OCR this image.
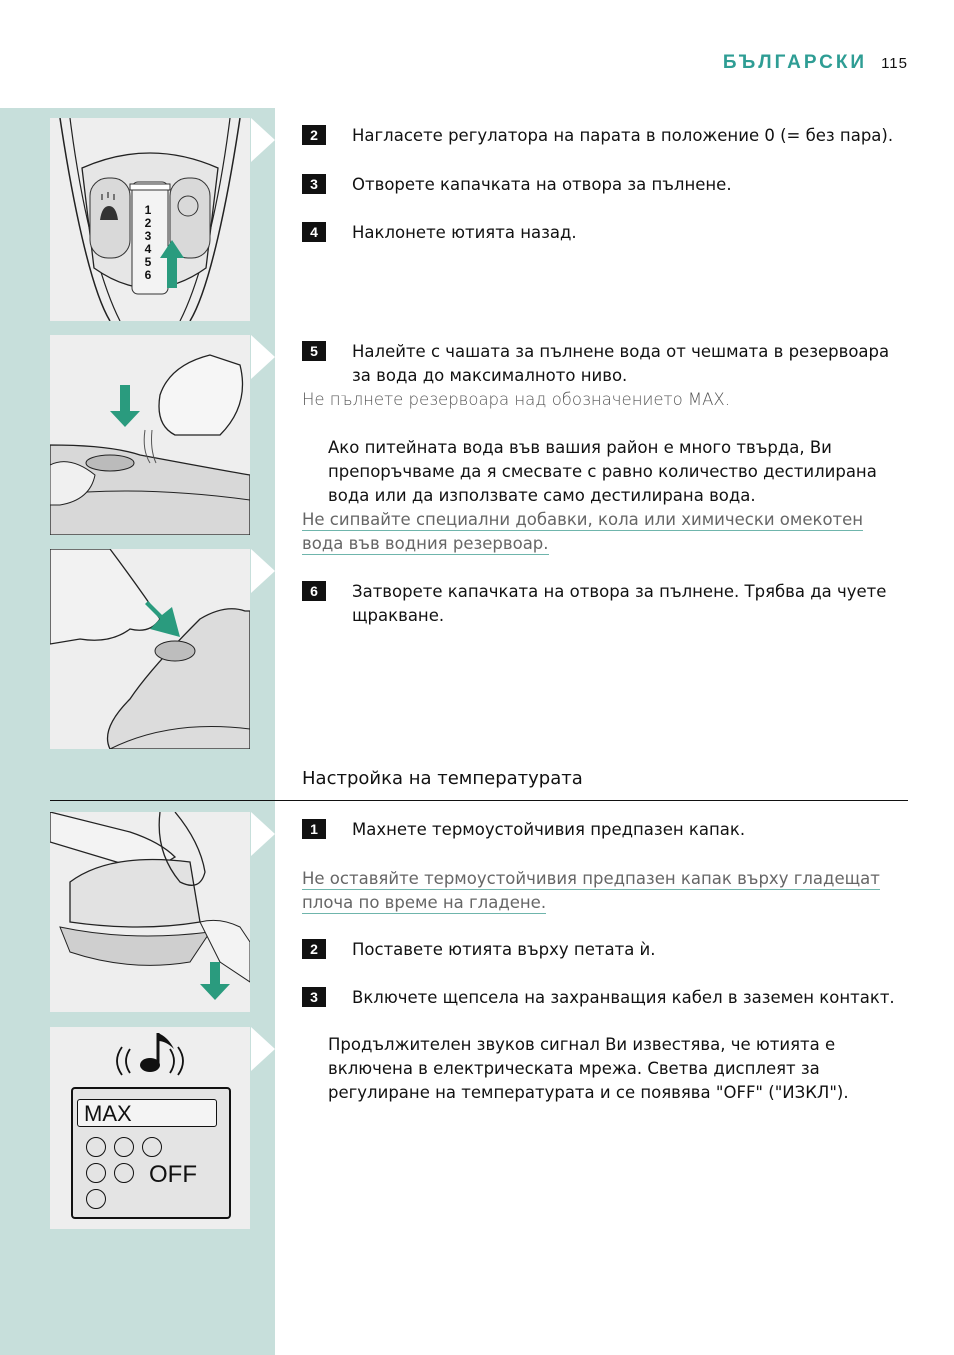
БЪЛГАРСКИ 115
1
2
3
4
5
6
MAX
OFF
2	Нагласете регулатора на парата в положение 0 (= без пара).
3	Отворете капачката на отвора за пълнене.
4	Наклонете ютията назад.
5	Налейте с чашата за пълнене вода от чешмата в резервоара за вода до максималното ниво.
Не пълнете резервоара над обозначението MAX.
Ако питейната вода във вашия район е много твърда, Ви препоръчваме да я смесвате с равно количество дестилирана вода или да използвате само дестилирана вода.
Не сипвайте специални добавки, кола или химически омекотен вода във водния резервоар.
6	Затворете капачката на отвора за пълнене. Трябва да чуете щракване.
Настройка на температурата
1	Махнете термоустойчивия предпазен капак.
Не оставяйте термоустойчивия предпазен капак върху гладещат плоча по време на гладене.
2	Поставете ютията върху петата ѝ.
3	Включете щепсела на захранващия кабел в заземен контакт.
Продължителен звуков сигнал Ви известява, че ютията е включена в електрическата мрежа. Светва дисплеят за регулиране на температурата и се появява "OFF" ("ИЗКЛ").
